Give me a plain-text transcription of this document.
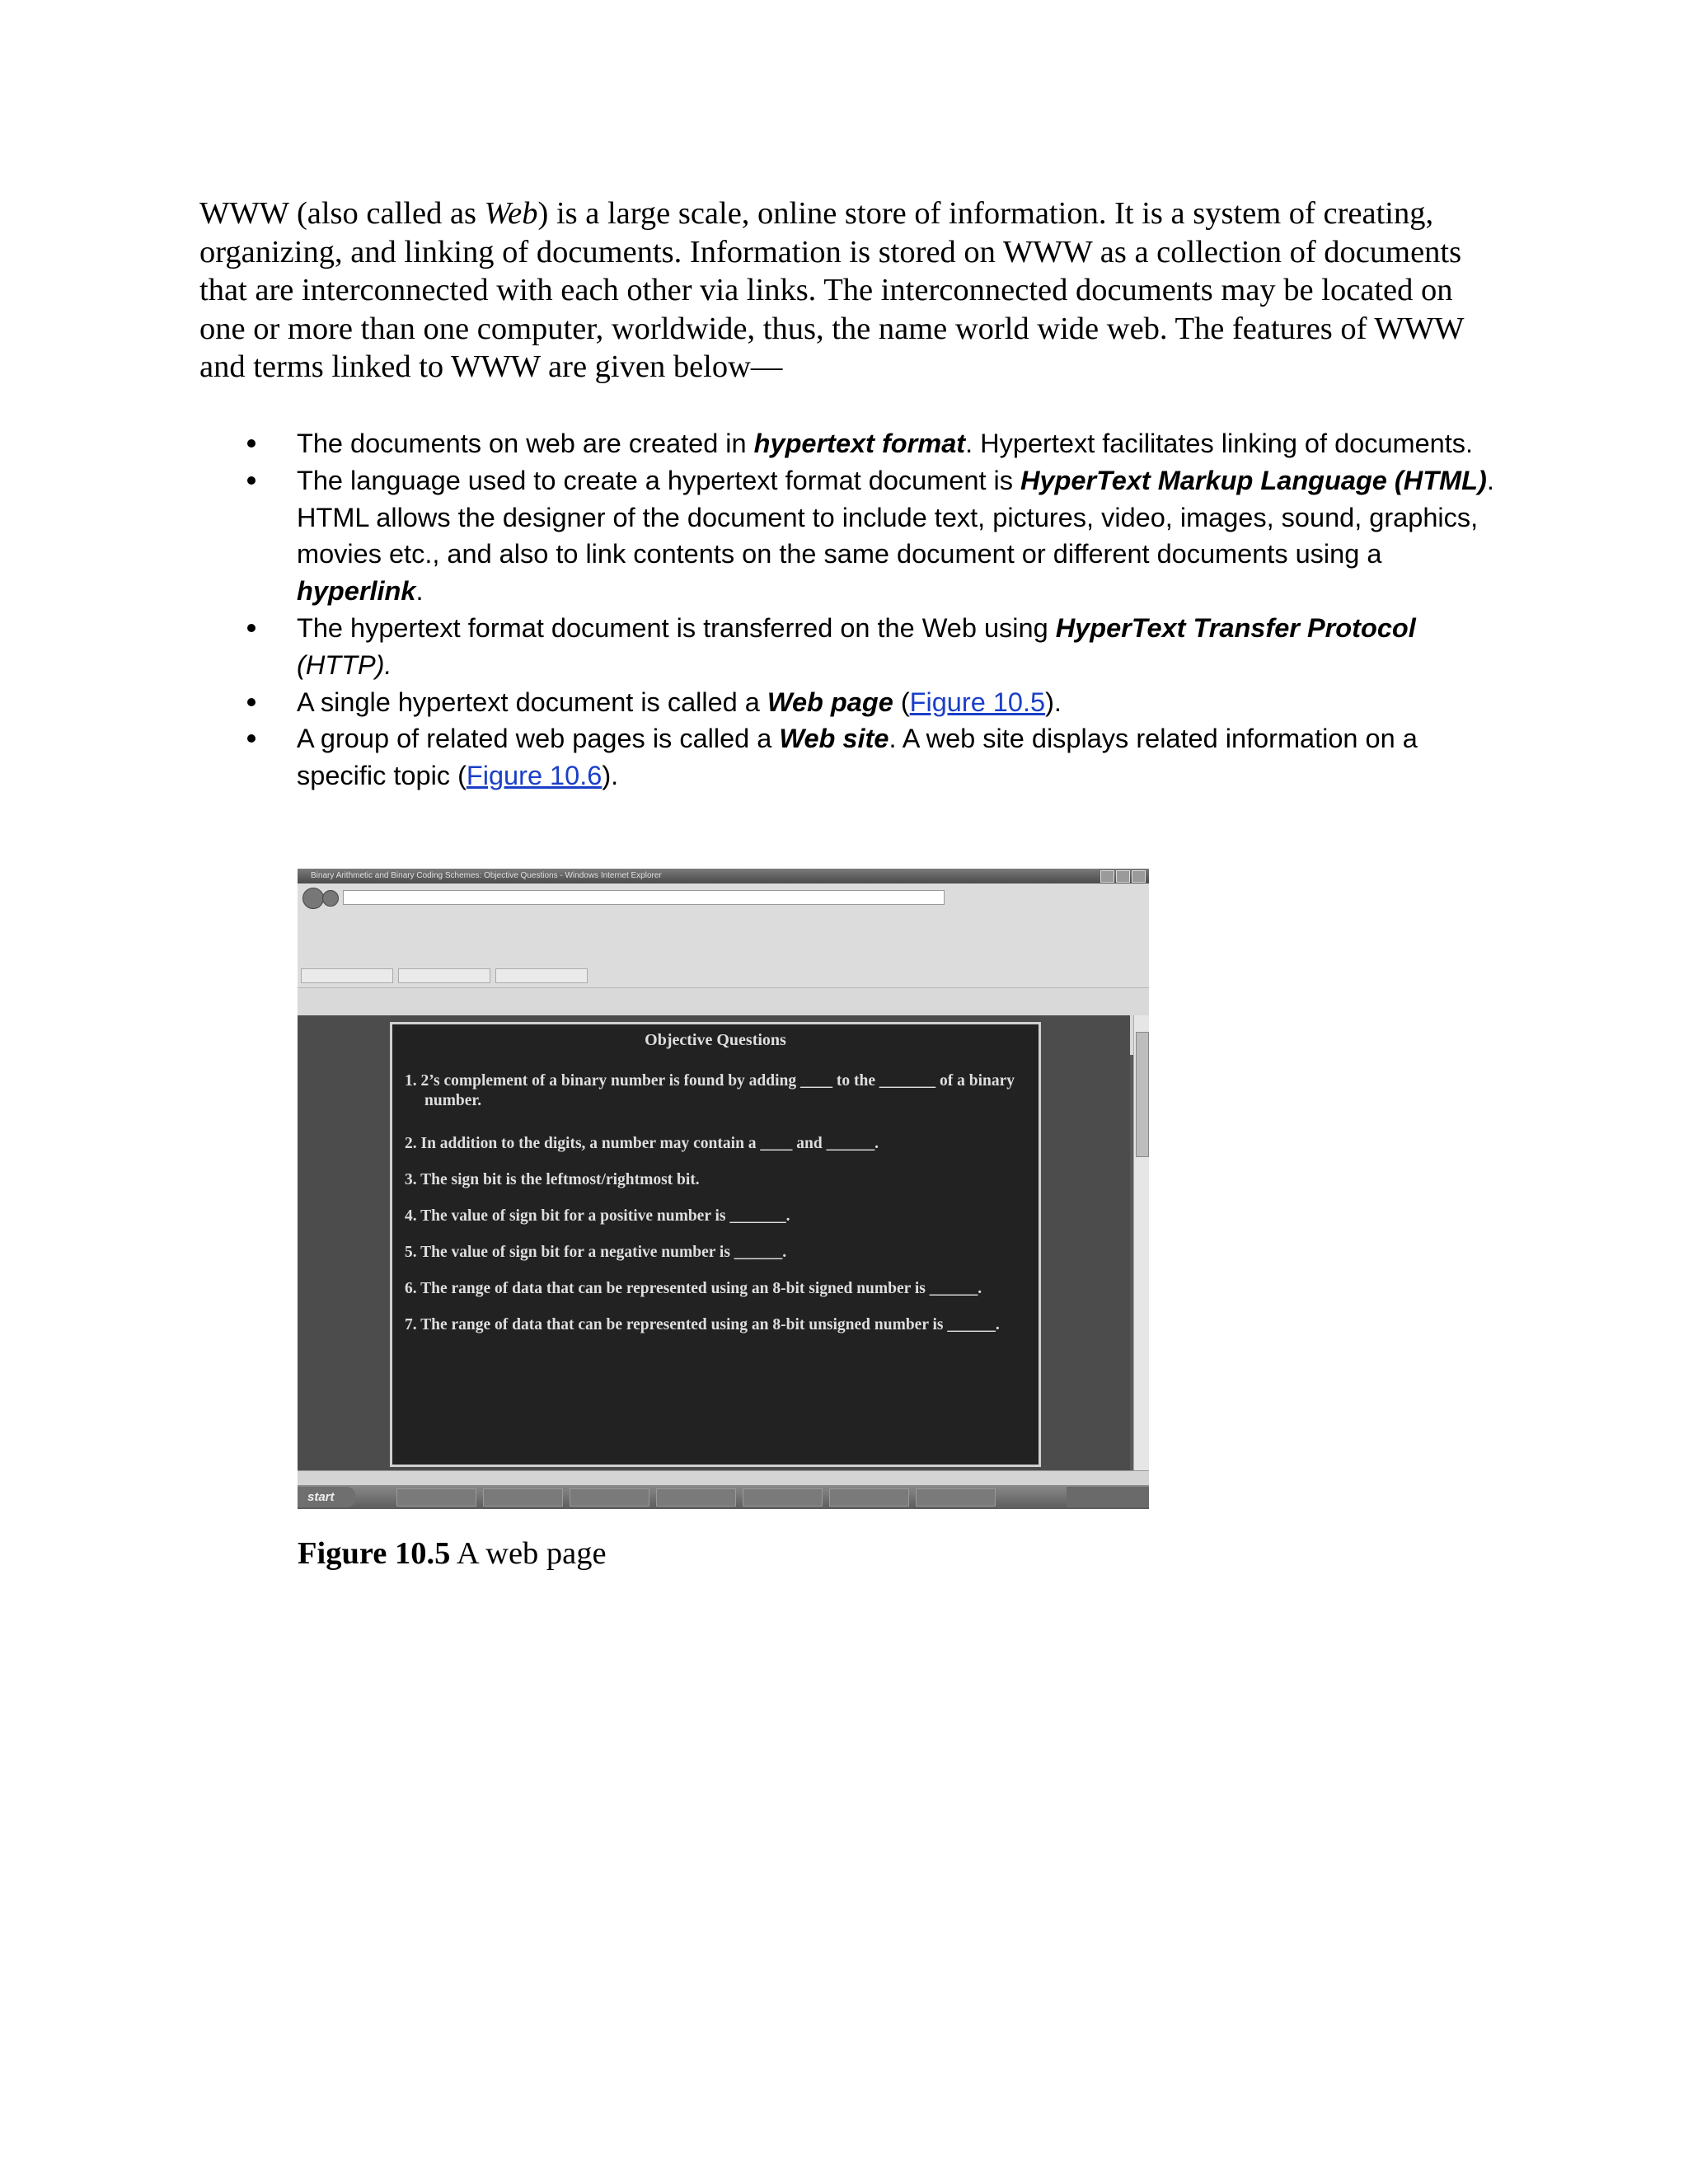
WWW (also called as Web) is a large scale, online store of information. It is a system of creating, organizing, and linking of documents. Information is stored on WWW as a collection of documents that are interconnected with each other via links. The interconnected documents may be located on one or more than one computer, worldwide, thus, the name world wide web. The features of WWW and terms linked to WWW are given below—

The documents on web are created in hypertext format. Hypertext facilitates linking of documents.
The language used to create a hypertext format document is HyperText Markup Language (HTML). HTML allows the designer of the document to include text, pictures, video, images, sound, graphics, movies etc., and also to link contents on the same document or different documents using a hyperlink.
The hypertext format document is transferred on the Web using HyperText Transfer Protocol (HTTP).
A single hypertext document is called a Web page (Figure 10.5).
A group of related web pages is called a Web site. A web site displays related information on a specific topic (Figure 10.6).
Binary Arithmetic and Binary Coding Schemes: Objective Questions - Windows Internet Explorer
Objective Questions
1. 2’s complement of a binary number is found by adding ____ to the _______ of a binary number.
2. In addition to the digits, a number may contain a ____ and ______.
3. The sign bit is the leftmost/rightmost bit.
4. The value of sign bit for a positive number is _______.
5. The value of sign bit for a negative number is ______.
6. The range of data that can be represented using an 8-bit signed number is ______.
7. The range of data that can be represented using an 8-bit unsigned number is ______.
start

Figure 10.5 A web page
